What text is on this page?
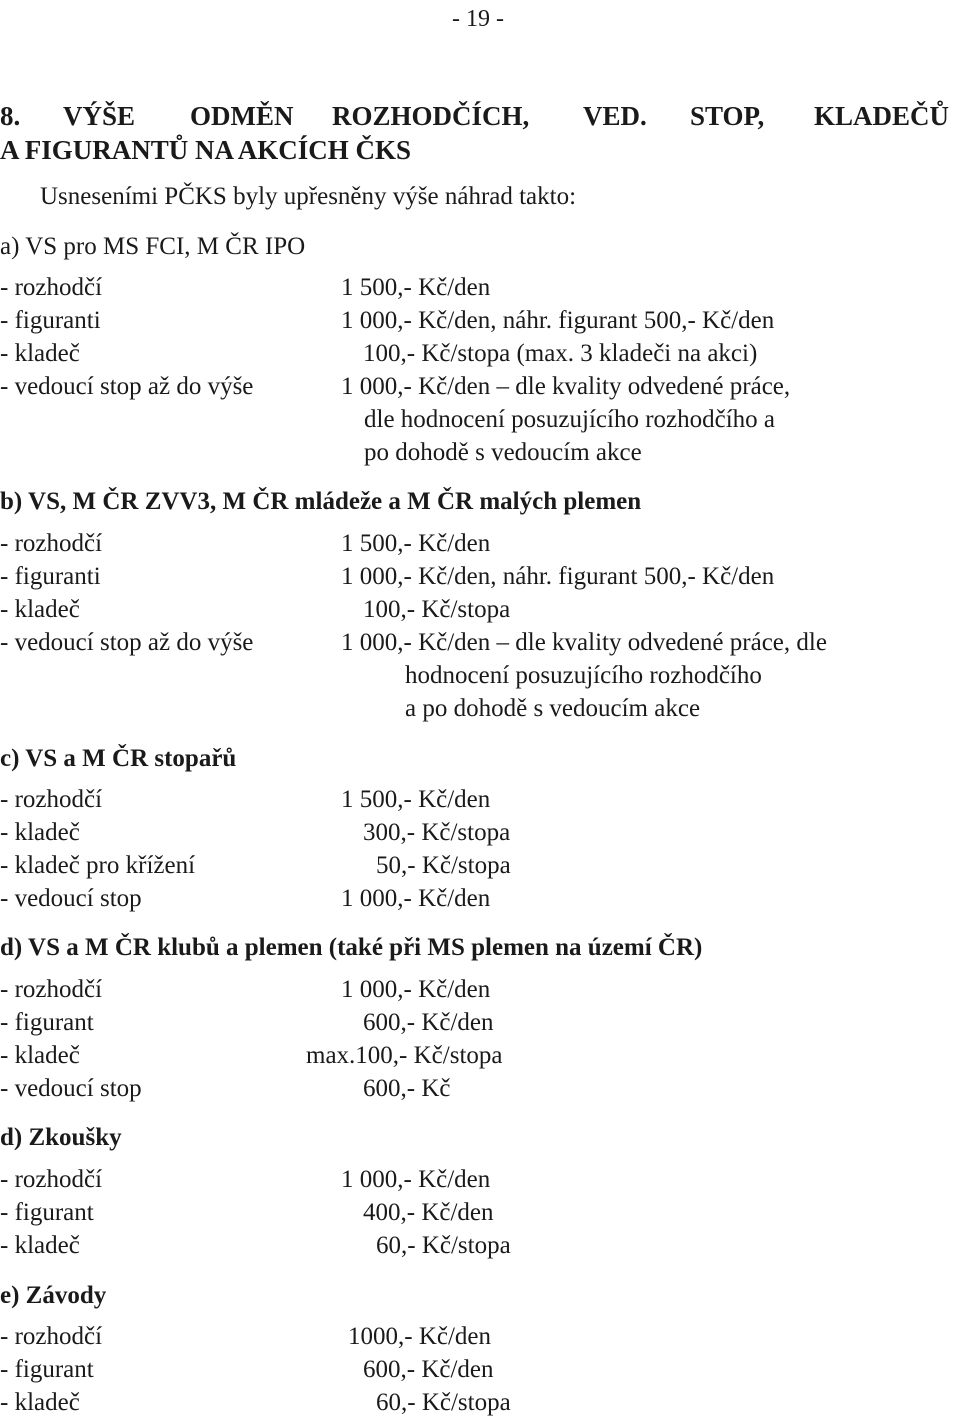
- 19 -
8. VÝŠE ODMĚN ROZHODČÍCH, VED. STOP, KLADEČŮ
A FIGURANTŮ NA AKCÍCH ČKS
Usneseními PČKS byly upřesněny výše náhrad takto:
a) VS pro MS FCI, M ČR IPO
- rozhodčí	1 500,- Kč/den
- figuranti	1 000,- Kč/den, náhr. figurant 500,- Kč/den
- kladeč	100,- Kč/stopa (max. 3 kladeči na akci)
- vedoucí stop až do výše	1 000,- Kč/den – dle kvality odvedené práce,
dle hodnocení posuzujícího rozhodčího a
po dohodě s vedoucím akce
b) VS, M ČR ZVV3, M ČR mládeže a M ČR malých plemen
- rozhodčí	1 500,- Kč/den
- figuranti	1 000,- Kč/den, náhr. figurant 500,- Kč/den
- kladeč	100,- Kč/stopa
- vedoucí stop až do výše	1 000,- Kč/den – dle kvality odvedené práce, dle
hodnocení posuzujícího rozhodčího
a po dohodě s vedoucím akce
c) VS a M ČR stopařů
- rozhodčí	1 500,- Kč/den
- kladeč	300,- Kč/stopa
- kladeč pro křížení	50,- Kč/stopa
- vedoucí stop	1 000,- Kč/den
d) VS a M ČR klubů a plemen (také při MS plemen na území ČR)
- rozhodčí	1 000,- Kč/den
- figurant	600,- Kč/den
- kladeč	max.100,- Kč/stopa
- vedoucí stop	600,- Kč
d) Zkoušky
- rozhodčí	1 000,- Kč/den
- figurant	400,- Kč/den
- kladeč	60,- Kč/stopa
e) Závody
- rozhodčí	1000,- Kč/den
- figurant	600,- Kč/den
- kladeč	60,- Kč/stopa
